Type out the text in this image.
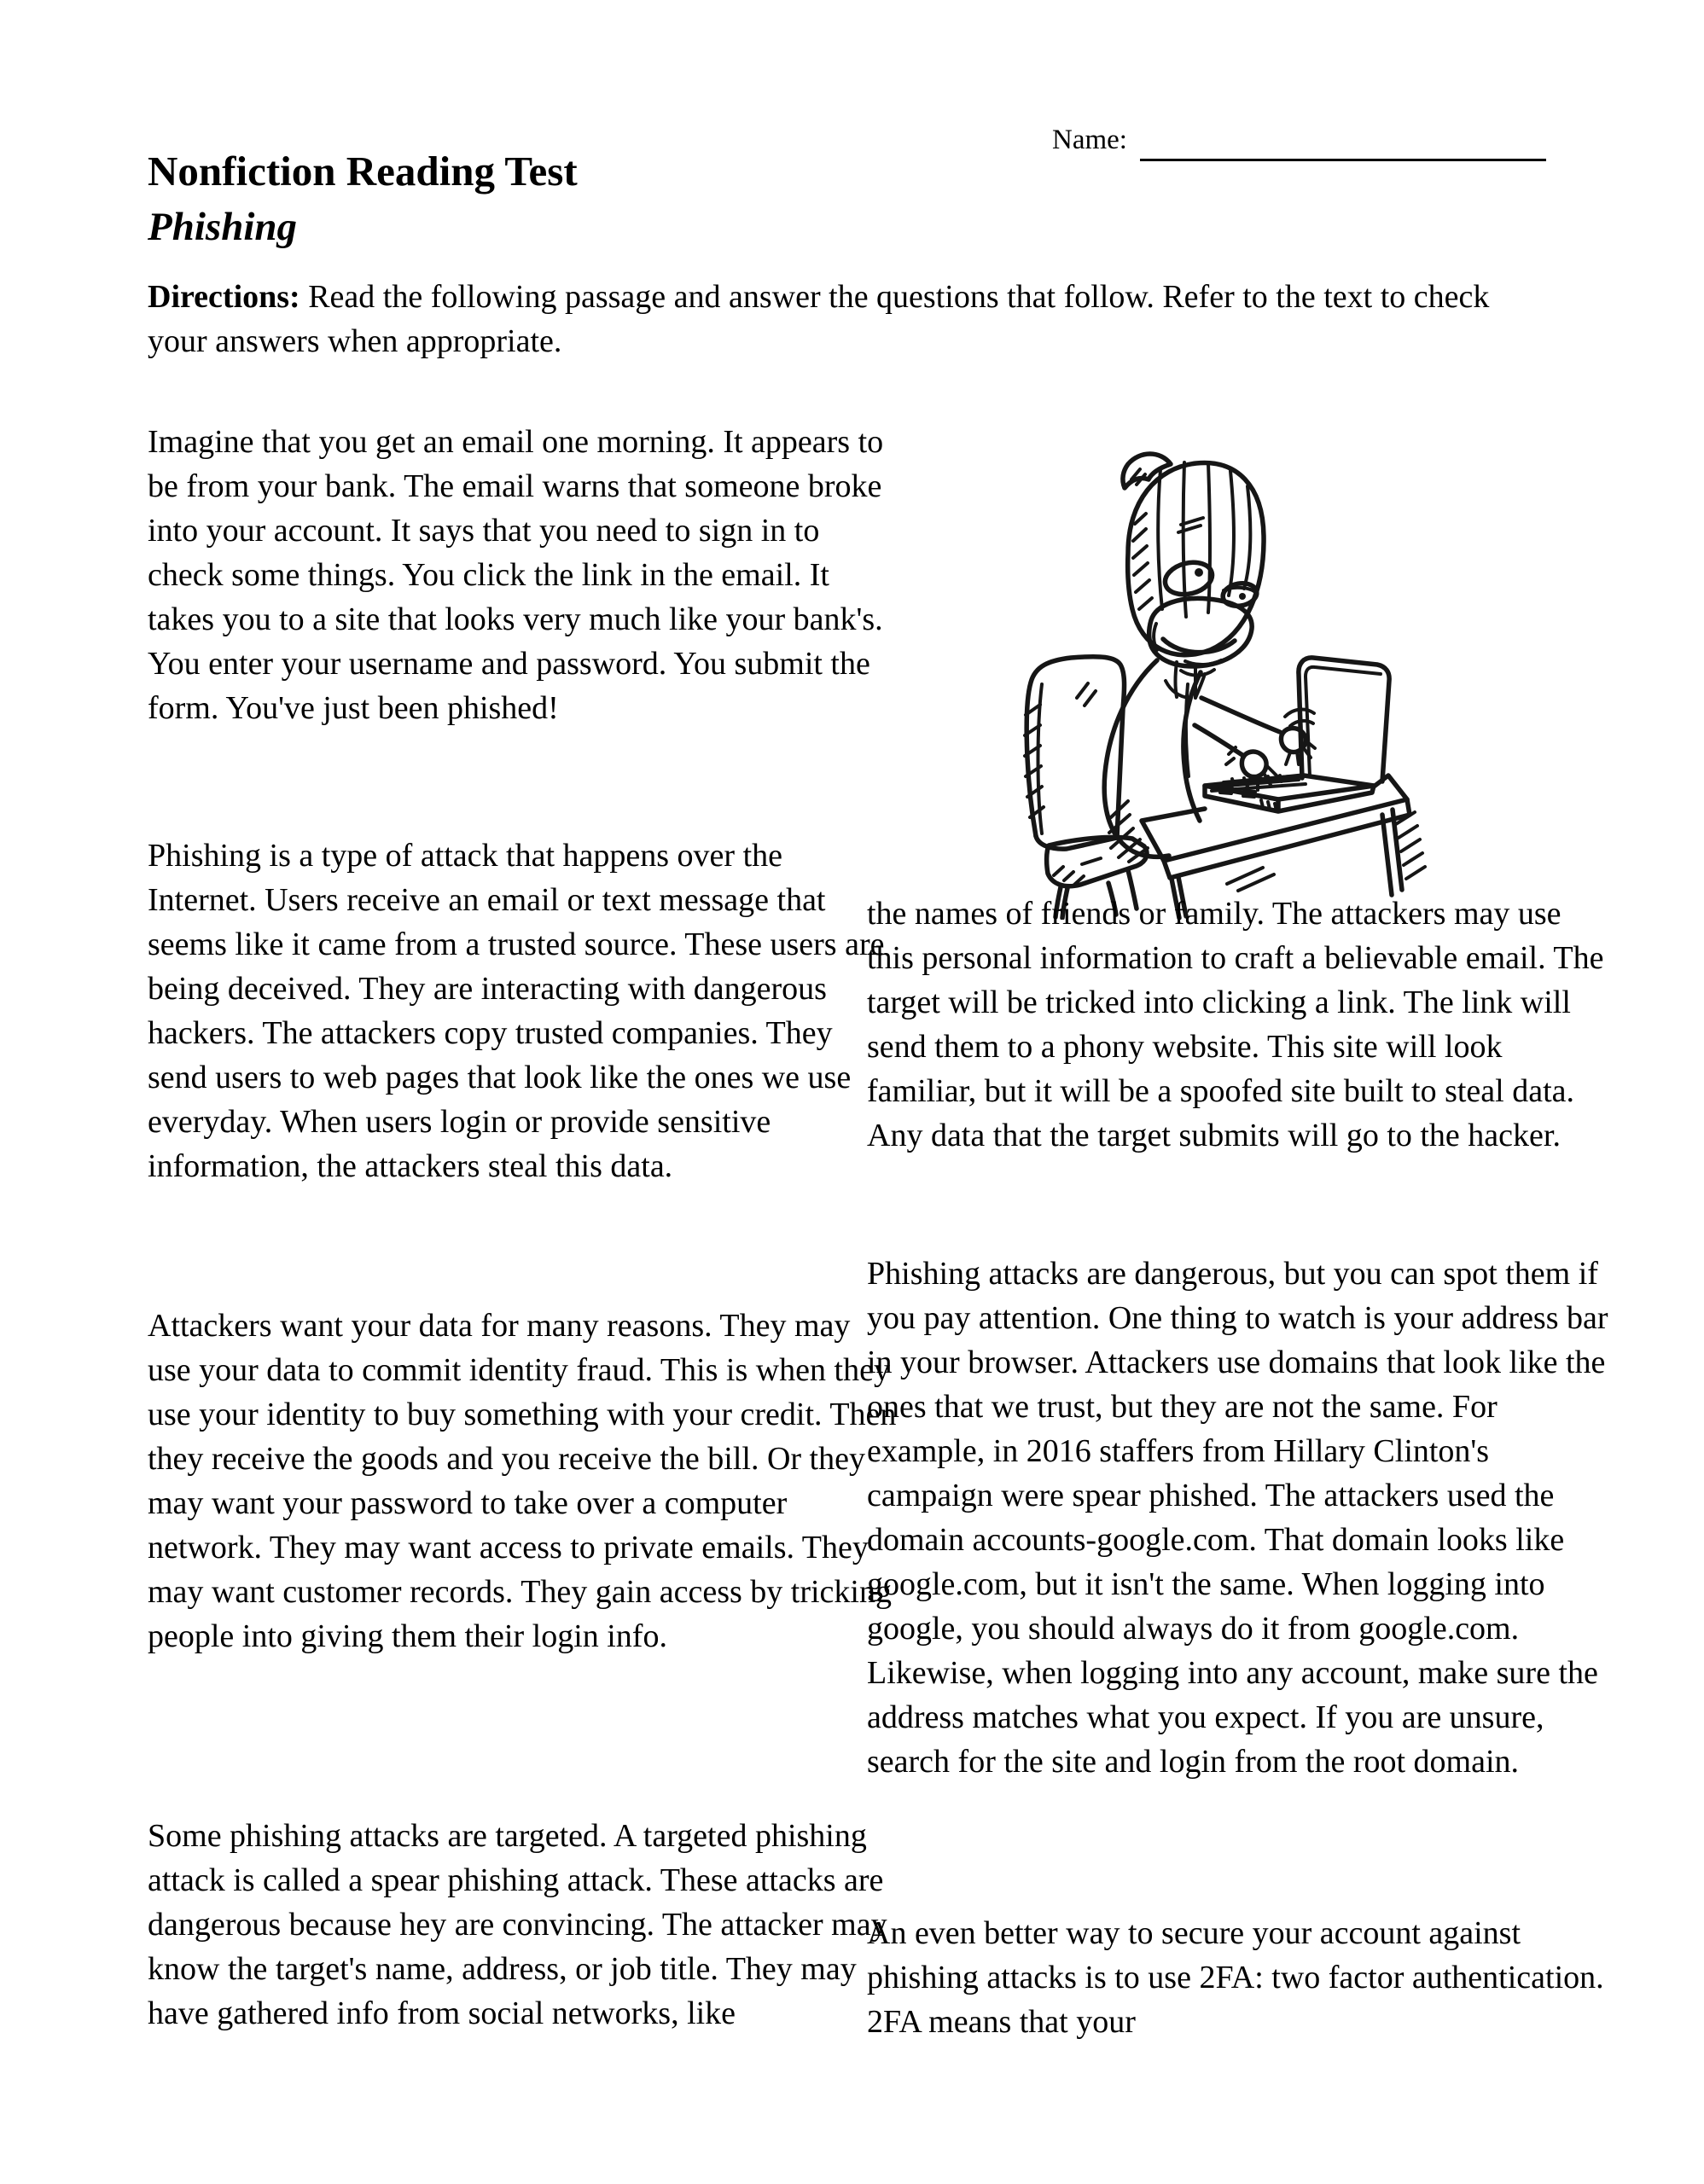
Name:
Nonfiction Reading Test
Phishing
Directions: Read the following passage and answer the questions that follow. Refer to the text to check your answers when appropriate.
Imagine that you get an email one morning. It appears to be from your bank. The email warns that someone broke into your account. It says that you need to sign in to check some things. You click the link in the email. It takes you to a site that looks very much like your bank's. You enter your username and password. You submit the form. You've just been phished!
Phishing is a type of attack that happens over the Internet. Users receive an email or text message that seems like it came from a trusted source. These users are being deceived. They are interacting with dangerous hackers. The attackers copy trusted companies. They send users to web pages that look like the ones we use everyday. When users login or provide sensitive information, the attackers steal this data.
Attackers want your data for many reasons. They may use your data to commit identity fraud. This is when they use your identity to buy something with your credit. Then they receive the goods and you receive the bill. Or they may want your password to take over a computer network. They may want access to private emails. They may want customer records. They gain access by tricking people into giving them their login info.
Some phishing attacks are targeted. A targeted phishing attack is called a spear phishing attack. These attacks are dangerous because hey are convincing. The attacker may know the target's name, address, or job title. They may have gathered info from social networks, like
the names of friends or family. The attackers may use this personal information to craft a believable email. The target will be tricked into clicking a link. The link will send them to a phony website. This site will look familiar, but it will be a spoofed site built to steal data. Any data that the target submits will go to the hacker.
Phishing attacks are dangerous, but you can spot them if you pay attention. One thing to watch is your address bar in your browser. Attackers use domains that look like the ones that we trust, but they are not the same. For example, in 2016 staffers from Hillary Clinton's campaign were spear phished. The attackers used the domain accounts-google.com. That domain looks like google.com, but it isn't the same. When logging into google, you should always do it from google.com. Likewise, when logging into any account, make sure the address matches what you expect. If you are unsure, search for the site and login from the root domain.
An even better way to secure your account against phishing attacks is to use 2FA: two factor authentication. 2FA means that your
